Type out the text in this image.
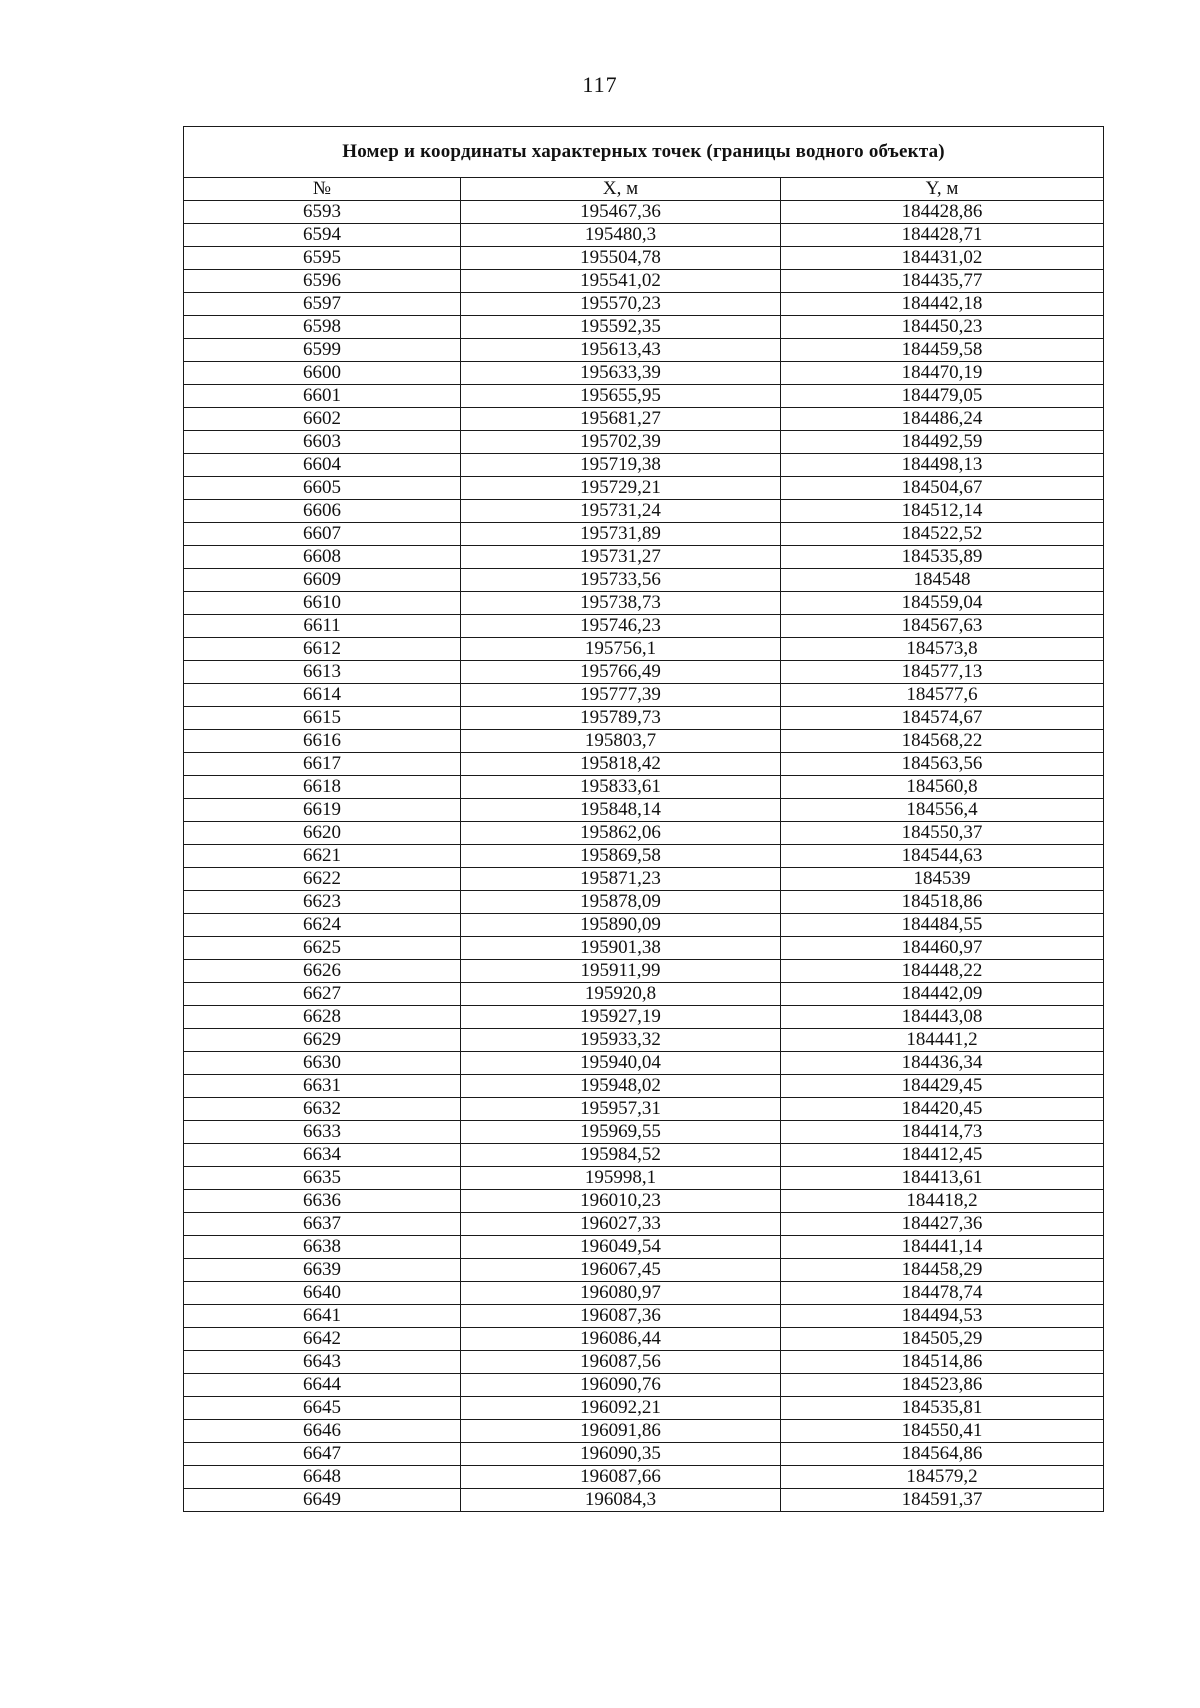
117
Номер и координаты характерных точек (границы водного объекта)		
№	X, м	Y, м
6593	195467,36	184428,86
6594	195480,3	184428,71
6595	195504,78	184431,02
6596	195541,02	184435,77
6597	195570,23	184442,18
6598	195592,35	184450,23
6599	195613,43	184459,58
6600	195633,39	184470,19
6601	195655,95	184479,05
6602	195681,27	184486,24
6603	195702,39	184492,59
6604	195719,38	184498,13
6605	195729,21	184504,67
6606	195731,24	184512,14
6607	195731,89	184522,52
6608	195731,27	184535,89
6609	195733,56	184548
6610	195738,73	184559,04
6611	195746,23	184567,63
6612	195756,1	184573,8
6613	195766,49	184577,13
6614	195777,39	184577,6
6615	195789,73	184574,67
6616	195803,7	184568,22
6617	195818,42	184563,56
6618	195833,61	184560,8
6619	195848,14	184556,4
6620	195862,06	184550,37
6621	195869,58	184544,63
6622	195871,23	184539
6623	195878,09	184518,86
6624	195890,09	184484,55
6625	195901,38	184460,97
6626	195911,99	184448,22
6627	195920,8	184442,09
6628	195927,19	184443,08
6629	195933,32	184441,2
6630	195940,04	184436,34
6631	195948,02	184429,45
6632	195957,31	184420,45
6633	195969,55	184414,73
6634	195984,52	184412,45
6635	195998,1	184413,61
6636	196010,23	184418,2
6637	196027,33	184427,36
6638	196049,54	184441,14
6639	196067,45	184458,29
6640	196080,97	184478,74
6641	196087,36	184494,53
6642	196086,44	184505,29
6643	196087,56	184514,86
6644	196090,76	184523,86
6645	196092,21	184535,81
6646	196091,86	184550,41
6647	196090,35	184564,86
6648	196087,66	184579,2
6649	196084,3	184591,37
